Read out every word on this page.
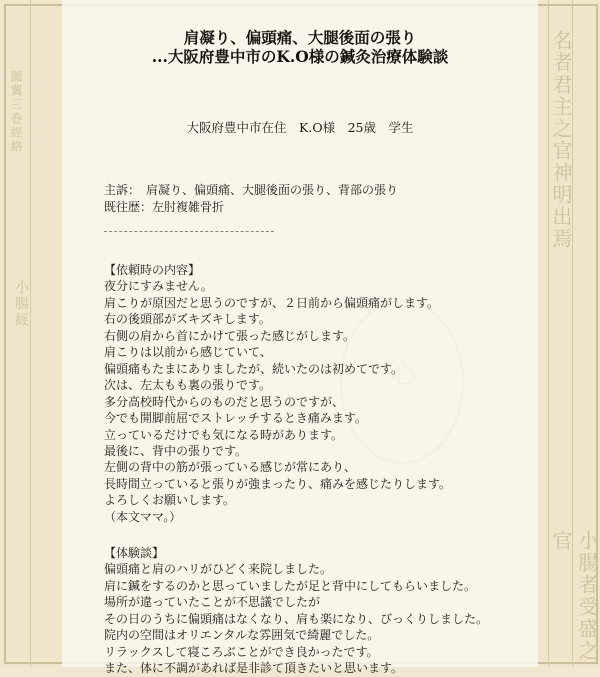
名者君主之官神明出焉
小腸者受盛之官
圖翼三卷經絡
小腸經
肩凝り、偏頭痛、大腿後面の張り
...大阪府豊中市のK.O様の鍼灸治療体験談
大阪府豊中市在住　K.O様　25歳　学生
主訴：　肩凝り、偏頭痛、大腿後面の張り、背部の張り
既往歴：左肘複雑骨折
【依頼時の内容】
夜分にすみません。
肩こりが原因だと思うのですが、２日前から偏頭痛がします。
右の後頭部がズキズキします。
右側の肩から首にかけて張った感じがします。
肩こりは以前から感じていて、
偏頭痛もたまにありましたが、続いたのは初めてです。
次は、左太もも裏の張りです。
多分高校時代からのものだと思うのですが、
今でも開脚前屈でストレッチするとき痛みます。
立っているだけでも気になる時があります。
最後に、背中の張りです。
左側の背中の筋が張っている感じが常にあり、
長時間立っていると張りが強まったり、痛みを感じたりします。
よろしくお願いします。
（本文ママ。）
【体験談】
偏頭痛と肩のハリがひどく来院しました。
肩に鍼をするのかと思っていましたが足と背中にしてもらいました。
場所が違っていたことが不思議でしたが
その日のうちに偏頭痛はなくなり、肩も楽になり、びっくりしました。
院内の空間はオリエンタルな雰囲気で綺麗でした。
リラックスして寝ころぶことができ良かったです。
また、体に不調があれば是非診て頂きたいと思います。
